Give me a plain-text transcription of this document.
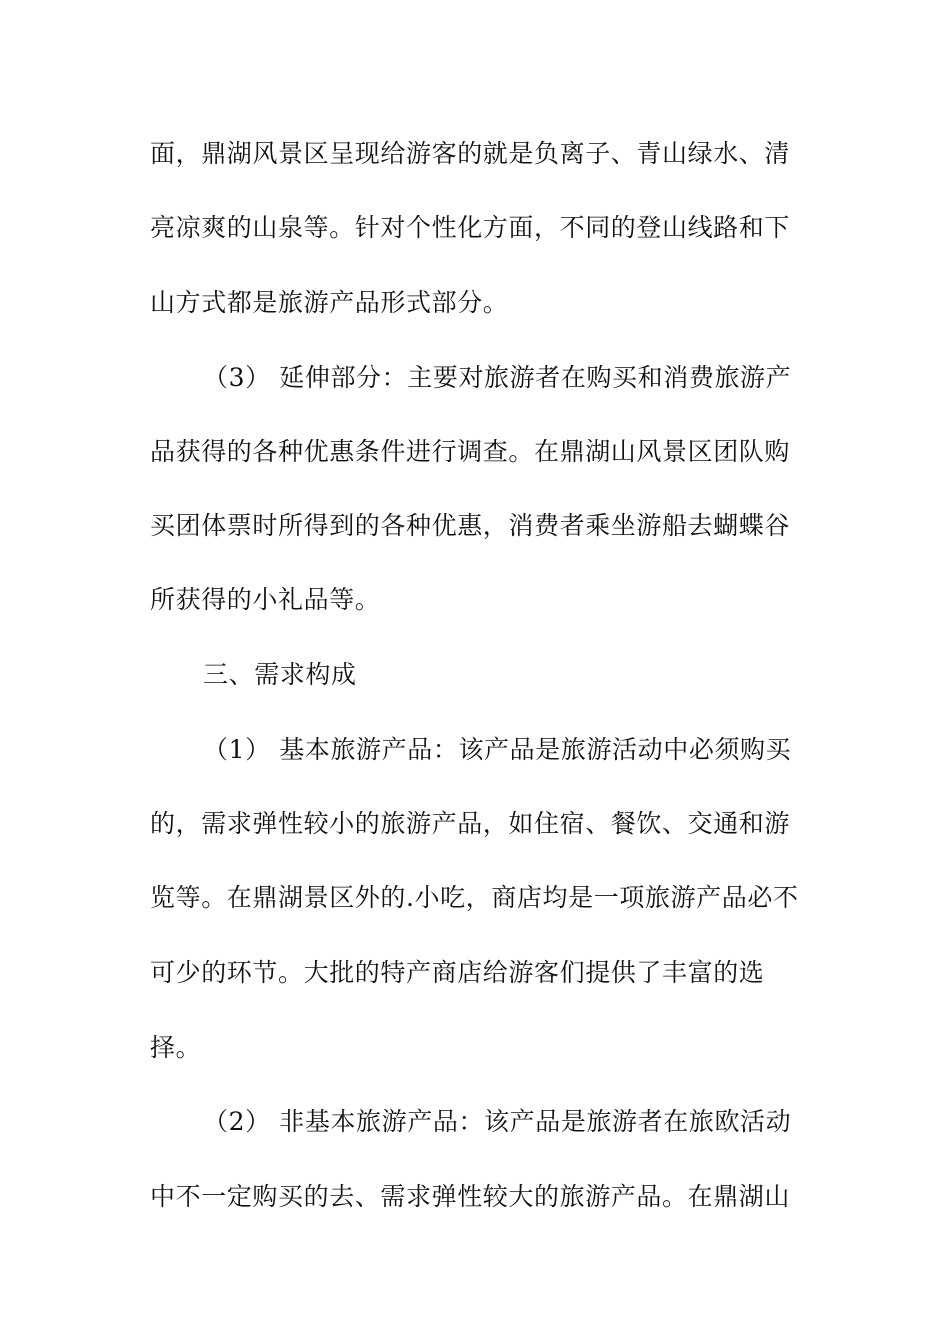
面，鼎湖风景区呈现给游客的就是负离子、青山绿水、清
亮凉爽的山泉等。针对个性化方面，不同的登山线路和下
山方式都是旅游产品形式部分。
（3） 延伸部分：主要对旅游者在购买和消费旅游产
品获得的各种优惠条件进行调查。在鼎湖山风景区团队购
买团体票时所得到的各种优惠，消费者乘坐游船去蝴蝶谷
所获得的小礼品等。
三、需求构成
（1） 基本旅游产品：该产品是旅游活动中必须购买
的，需求弹性较小的旅游产品，如住宿、餐饮、交通和游
览等。在鼎湖景区外的.小吃，商店均是一项旅游产品必不
可少的环节。大批的特产商店给游客们提供了丰富的选
择。
（2） 非基本旅游产品：该产品是旅游者在旅欧活动
中不一定购买的去、需求弹性较大的旅游产品。在鼎湖山
